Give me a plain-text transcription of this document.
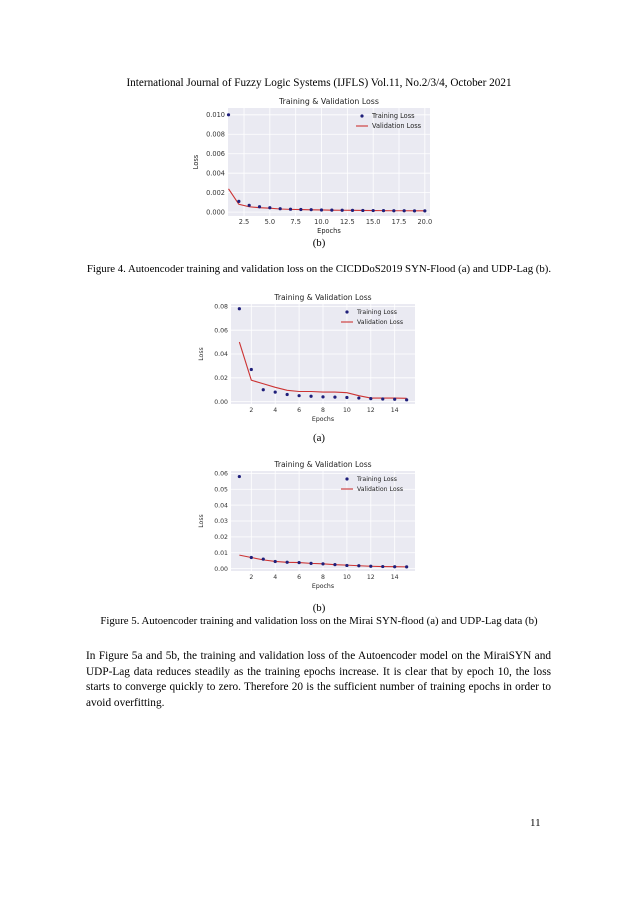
International Journal of Fuzzy Logic Systems (IJFLS) Vol.11, No.2/3/4, October 2021
0.000
0.002
0.004
0.006
0.008
0.010
2.5 5.0 7.5 10.0 12.5 15.0 17.5 20.0
Training & Validation Loss
Epochs
Loss
Training Loss
Validation Loss
(b)
Figure 4. Autoencoder training and validation loss on the CICDDoS2019 SYN-Flood (a) and UDP-Lag (b).
0.00
0.02
0.04
0.06
0.08
2	4	6	8	10	12	14
Training & Validation Loss
Epochs
Loss
Training Loss
Validation Loss
(a)
0.00
0.01
0.02
0.03
0.04
0.05
0.06
2	4	6	8	10	12	14
Training & Validation Loss
Epochs
Loss
Training Loss
Validation Loss
(b)
Figure 5. Autoencoder training and validation loss on the Mirai SYN-flood (a) and UDP-Lag data (b)
In Figure 5a and 5b, the training and validation loss of the Autoencoder model on the MiraiSYN and UDP-Lag data reduces steadily as the training epochs increase. It is clear that by epoch 10, the loss starts to converge quickly to zero. Therefore 20 is the sufficient number of training epochs in order to avoid overfitting.
11
